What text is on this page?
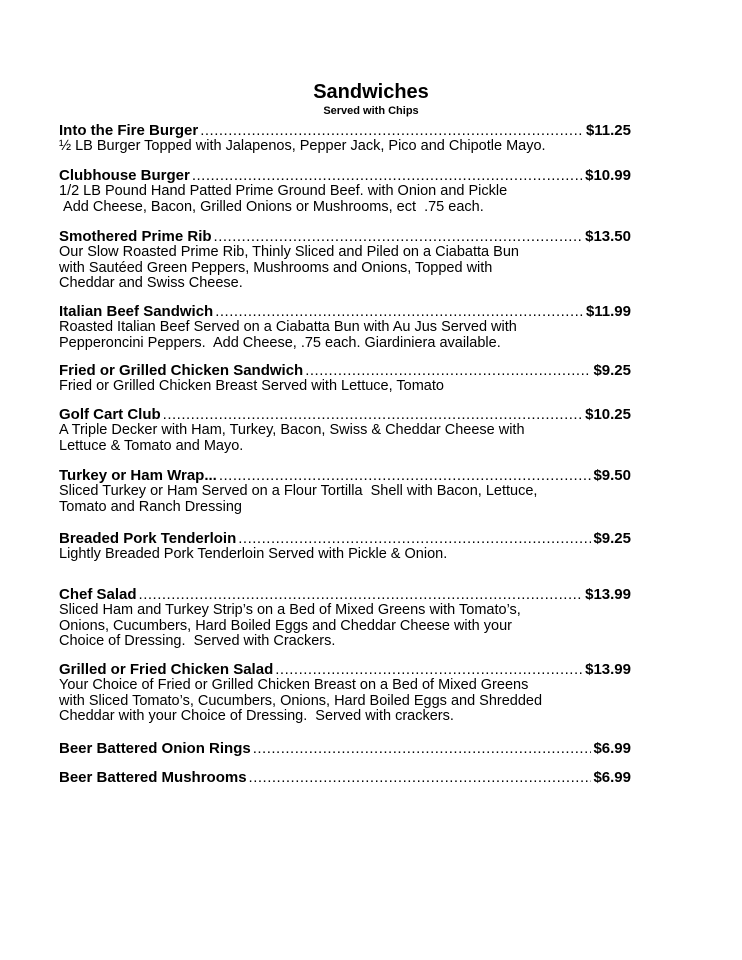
Sandwiches
Served with Chips
Into the Fire Burger .....	$11.25
½ LB Burger Topped with Jalapenos, Pepper Jack, Pico and Chipotle Mayo.
Clubhouse Burger .....	$10.99
1/2 LB Pound Hand Patted Prime Ground Beef. with Onion and Pickle
Add Cheese, Bacon, Grilled Onions or Mushrooms, ect  .75 each.
Smothered Prime Rib .....	$13.50
Our Slow Roasted Prime Rib, Thinly Sliced and Piled on a Ciabatta Bun
with Sautéed Green Peppers, Mushrooms and Onions, Topped with
Cheddar and Swiss Cheese.
Italian Beef Sandwich .....	$11.99
Roasted Italian Beef Served on a Ciabatta Bun with Au Jus Served with
Pepperoncini Peppers.  Add Cheese, .75 each. Giardiniera available.
Fried or Grilled Chicken Sandwich .....	$9.25
Fried or Grilled Chicken Breast Served with Lettuce, Tomato
Golf Cart Club .....	$10.25
A Triple Decker with Ham, Turkey, Bacon, Swiss & Cheddar Cheese with
Lettuce & Tomato and Mayo.
Turkey or Ham Wrap... .....	$9.50
Sliced Turkey or Ham Served on a Flour Tortilla  Shell with Bacon, Lettuce,
Tomato and Ranch Dressing
Breaded Pork Tenderloin .....	$9.25
Lightly Breaded Pork Tenderloin Served with Pickle & Onion.
Chef Salad .....	$13.99
Sliced Ham and Turkey Strip’s on a Bed of Mixed Greens with Tomato’s,
Onions, Cucumbers, Hard Boiled Eggs and Cheddar Cheese with your
Choice of Dressing.  Served with Crackers.
Grilled or Fried Chicken Salad .....	$13.99
Your Choice of Fried or Grilled Chicken Breast on a Bed of Mixed Greens
with Sliced Tomato’s, Cucumbers, Onions, Hard Boiled Eggs and Shredded
Cheddar with your Choice of Dressing.  Served with crackers.
Beer Battered Onion Rings .....	$6.99
Beer Battered Mushrooms .....	$6.99
